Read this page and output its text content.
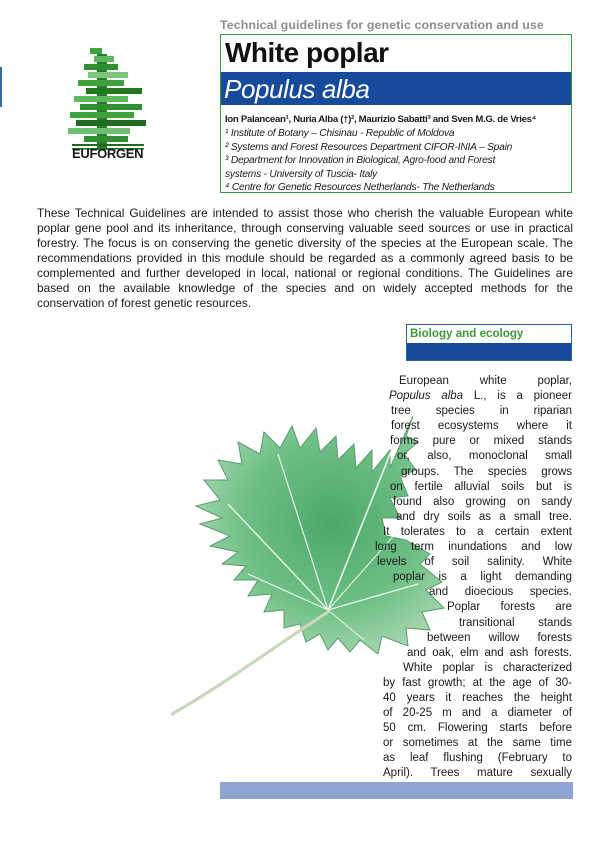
Technical guidelines for genetic conservation and use
EUFORGEN
White poplar
Populus alba
Ion Palancean¹, Nuria Alba (†)², Maurizio Sabatti³ and Sven M.G. de Vries⁴
¹ Institute of Botany – Chisinau - Republic of Moldova
² Systems and Forest Resources Department CIFOR-INIA – Spain
³ Department for Innovation in Biological, Agro-food and Forest
systems - University of Tuscia- Italy
⁴ Centre for Genetic Resources Netherlands- The Netherlands
These Technical Guidelines are intended to assist those who cherish the valuable European white poplar gene pool and its inheritance, through conserving valuable seed sources or use in practical forestry. The focus is on conserving the genetic diversity of the species at the European scale. The recommendations provided in this module should be regarded as a commonly agreed basis to be complemented and further developed in local, national or regional conditions. The Guidelines are based on the available knowledge of the species and on widely accepted methods for the conservation of forest genetic resources.
Biology and ecology
European white poplar,
Populus alba L., is a pioneer
tree species in riparian
forest ecosystems where it
forms pure or mixed stands
or, also, monoclonal small
groups. The species grows
on fertile alluvial soils but is
found also growing on sandy
and dry soils as a small tree.
It tolerates to a certain extent
long term inundations and low
levels of soil salinity. White
poplar is a light demanding
and dioecious species.
Poplar forests are
transitional stands
between willow forests
and oak, elm and ash forests.
White poplar is characterized
by fast growth; at the age of 30-
40 years it reaches the height
of 20-25 m and a diameter of
50 cm. Flowering starts before
or sometimes at the same time
as leaf flushing (February to
April). Trees mature sexually
